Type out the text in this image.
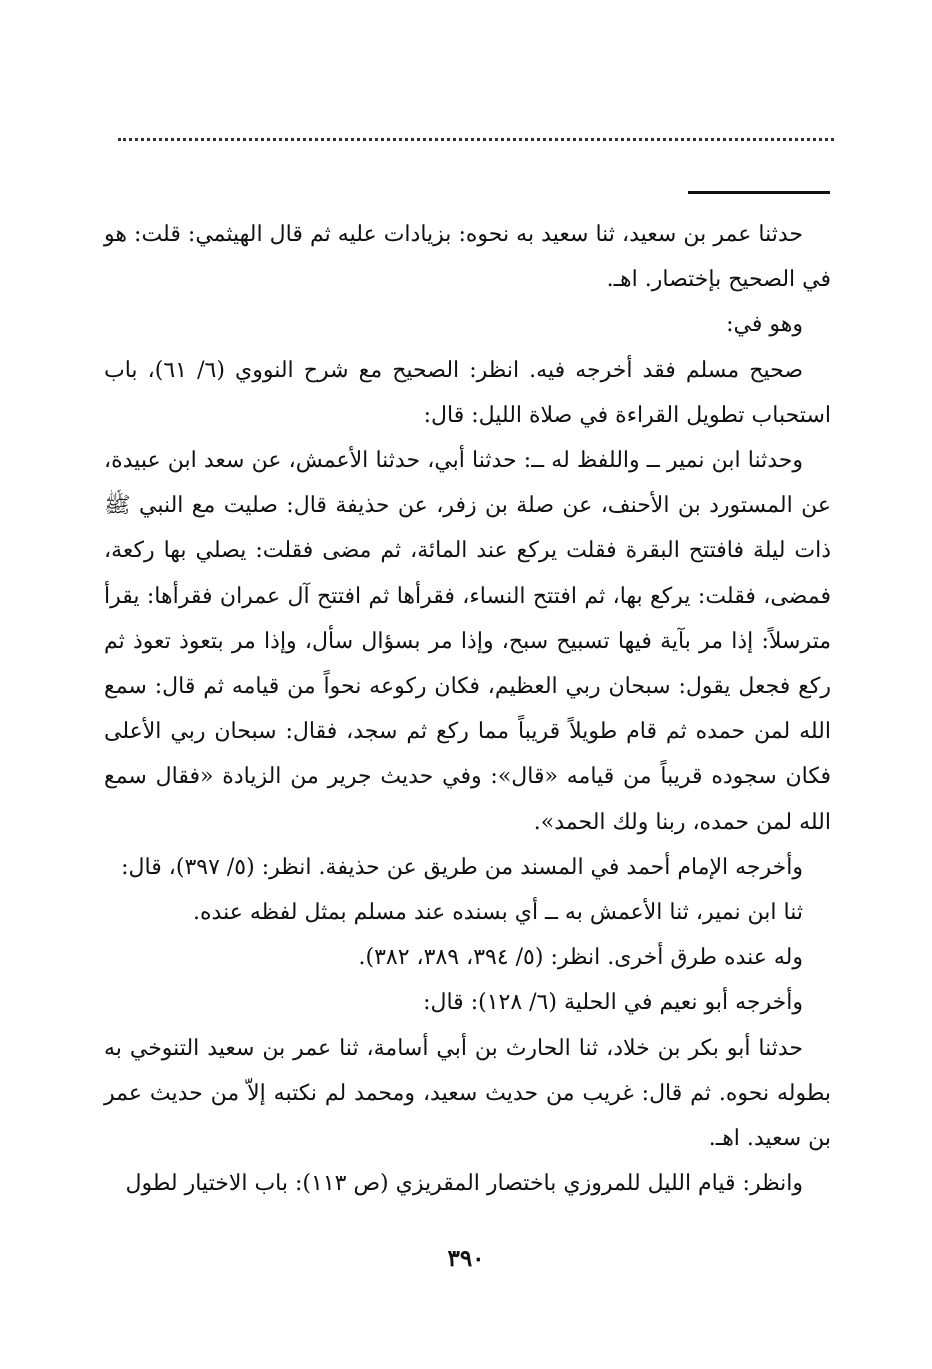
حدثنا عمر بن سعيد، ثنا سعيد به نحوه: بزيادات عليه ثم قال الهيثمي: قلت: هو في الصحيح بإختصار. اهـ.

وهو في:

صحيح مسلم فقد أخرجه فيه. انظر: الصحيح مع شرح النووي (٦/ ٦١)، باب استحباب تطويل القراءة في صلاة الليل: قال:

وحدثنا ابن نمير ــ واللفظ له ــ: حدثنا أبي، حدثنا الأعمش، عن سعد ابن عبيدة، عن المستورد بن الأحنف، عن صلة بن زفر، عن حذيفة قال: صليت مع النبي ﷺ ذات ليلة فافتتح البقرة فقلت يركع عند المائة، ثم مضى فقلت: يصلي بها ركعة، فمضى، فقلت: يركع بها، ثم افتتح النساء، فقرأها ثم افتتح آل عمران فقرأها: يقرأ مترسلاً: إذا مر بآية فيها تسبيح سبح، وإذا مر بسؤال سأل، وإذا مر بتعوذ تعوذ ثم ركع فجعل يقول: سبحان ربي العظيم، فكان ركوعه نحواً من قيامه ثم قال: سمع الله لمن حمده ثم قام طويلاً قريباً مما ركع ثم سجد، فقال: سبحان ربي الأعلى فكان سجوده قريباً من قيامه «قال»: وفي حديث جرير من الزيادة «فقال سمع الله لمن حمده، ربنا ولك الحمد».

وأخرجه الإمام أحمد في المسند من طريق عن حذيفة. انظر: (٥/ ٣٩٧)، قال:

ثنا ابن نمير، ثنا الأعمش به ــ أي بسنده عند مسلم بمثل لفظه عنده.

وله عنده طرق أخرى. انظر: (٥/ ٣٩٤، ٣٨٩، ٣٨٢).

وأخرجه أبو نعيم في الحلية (٦/ ١٢٨): قال:

حدثنا أبو بكر بن خلاد، ثنا الحارث بن أبي أسامة، ثنا عمر بن سعيد التنوخي به بطوله نحوه. ثم قال: غريب من حديث سعيد، ومحمد لم نكتبه إلاّ من حديث عمر بن سعيد. اهـ.

وانظر: قيام الليل للمروزي باختصار المقريزي (ص ١١٣): باب الاختيار لطول

٣٩٠
